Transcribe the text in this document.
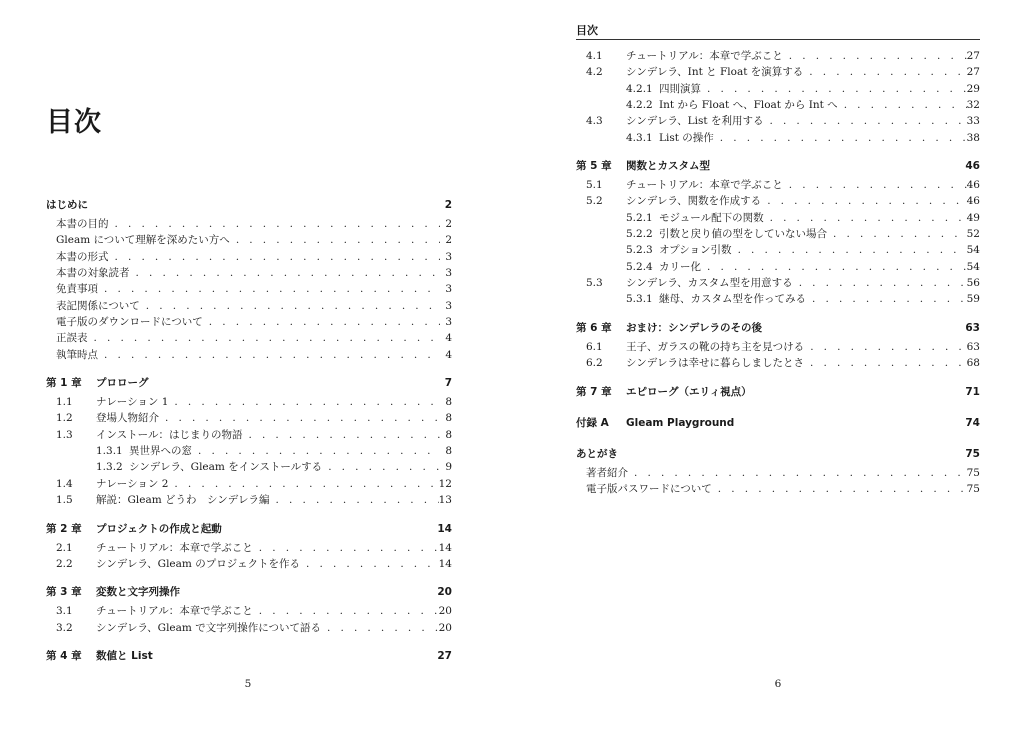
目次
はじめに	2
本書の目的 . . .	2
Gleam について理解を深めたい方へ . . .	2
本書の形式 . . .	3
本書の対象読者 . . .	3
免責事項 . . .	3
表記関係について . . .	3
電子版のダウンロードについて . . .	3
正誤表 . . .	4
執筆時点 . . .	4
第 1 章	プロローグ	7
1.1	ナレーション 1 . . .	8
1.2	登場人物紹介 . . .	8
1.3	インストール：はじまりの物語 . . .	8
1.3.1 異世界への窓 . . .	8
1.3.2 シンデレラ、Gleam をインストールする . . .	9
1.4	ナレーション 2 . . .	12
1.5	解説：Gleam どうわ　シンデレラ編 . . .	13
第 2 章	プロジェクトの作成と起動	14
2.1	チュートリアル：本章で学ぶこと . . .	14
2.2	シンデレラ、Gleam のプロジェクトを作る . . .	14
第 3 章	変数と文字列操作	20
3.1	チュートリアル：本章で学ぶこと . . .	20
3.2	シンデレラ、Gleam で文字列操作について語る . . .	20
第 4 章	数値と List	27
5
目次
4.1	チュートリアル：本章で学ぶこと . . .	27
4.2	シンデレラ、Int と Float を演算する . . .	27
4.2.1 四則演算 . . .	29
4.2.2 Int から Float へ、Float から Int へ . . .	32
4.3	シンデレラ、List を利用する . . .	33
4.3.1 List の操作 . . .	38
第 5 章	関数とカスタム型	46
5.1	チュートリアル：本章で学ぶこと . . .	46
5.2	シンデレラ、関数を作成する . . .	46
5.2.1 モジュール配下の関数 . . .	49
5.2.2 引数と戻り値の型をしていない場合 . . .	52
5.2.3 オプション引数 . . .	54
5.2.4 カリー化 . . .	54
5.3	シンデレラ、カスタム型を用意する . . .	56
5.3.1 継母、カスタム型を作ってみる . . .	59
第 6 章	おまけ：シンデレラのその後	63
6.1	王子、ガラスの靴の持ち主を見つける . . .	63
6.2	シンデレラは幸せに暮らしましたとさ . . .	68
第 7 章	エピローグ（エリィ視点）	71
付録 A	Gleam Playground	74
あとがき	75
著者紹介 . . .	75
電子版パスワードについて . . .	75
6
